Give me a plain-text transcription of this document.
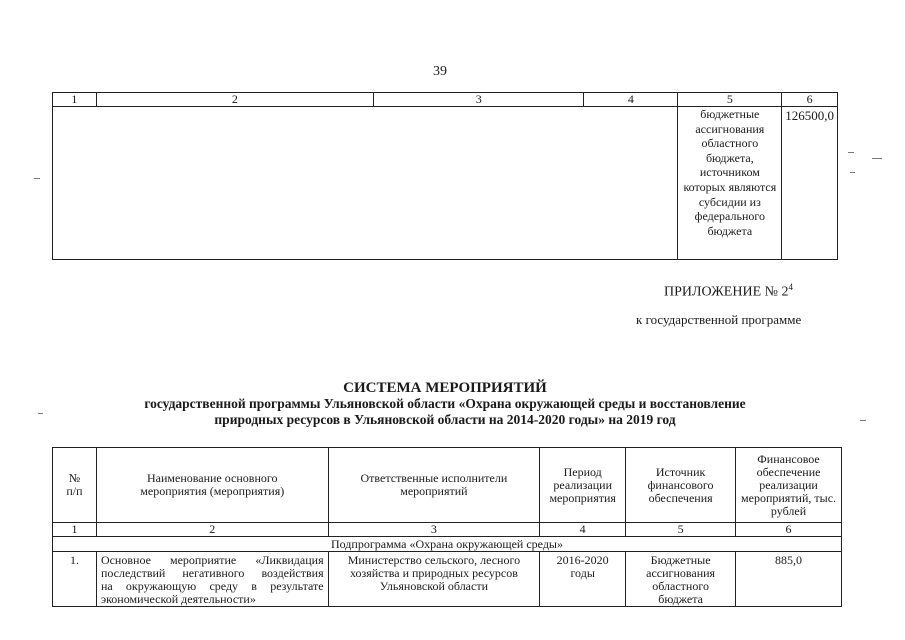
39
1	2	3	4	5	6
				бюджетные ассигнования областного бюджета, источником которых являются субсидии из федерального бюджета	126500,0
ПРИЛОЖЕНИЕ № $2^4$
к государственной программе
СИСТЕМА МЕРОПРИЯТИЙ
государственной программы Ульяновской области «Охрана окружающей среды и восстановление
природных ресурсов в Ульяновской области на 2014-2020 годы» на 2019 год
№ п/п	Наименование основного мероприятия (мероприятия)	Ответственные исполнители мероприятий	Период реализации мероприятия	Источник финансового обеспечения	Финансовое обеспечение реализации мероприятий, тыс. рублей
1	2	3	4	5	6
Подпрограмма «Охрана окружающей среды»					
1.	Основное мероприятие «Ликвидация
последствий негативного воздействия
на окружающую среду в результате
экономической деятельности»	Министерство сельского, лесного хозяйства и природных ресурсов Ульяновской области	2016-2020 годы	Бюджетные ассигнования областного бюджета	885,0
